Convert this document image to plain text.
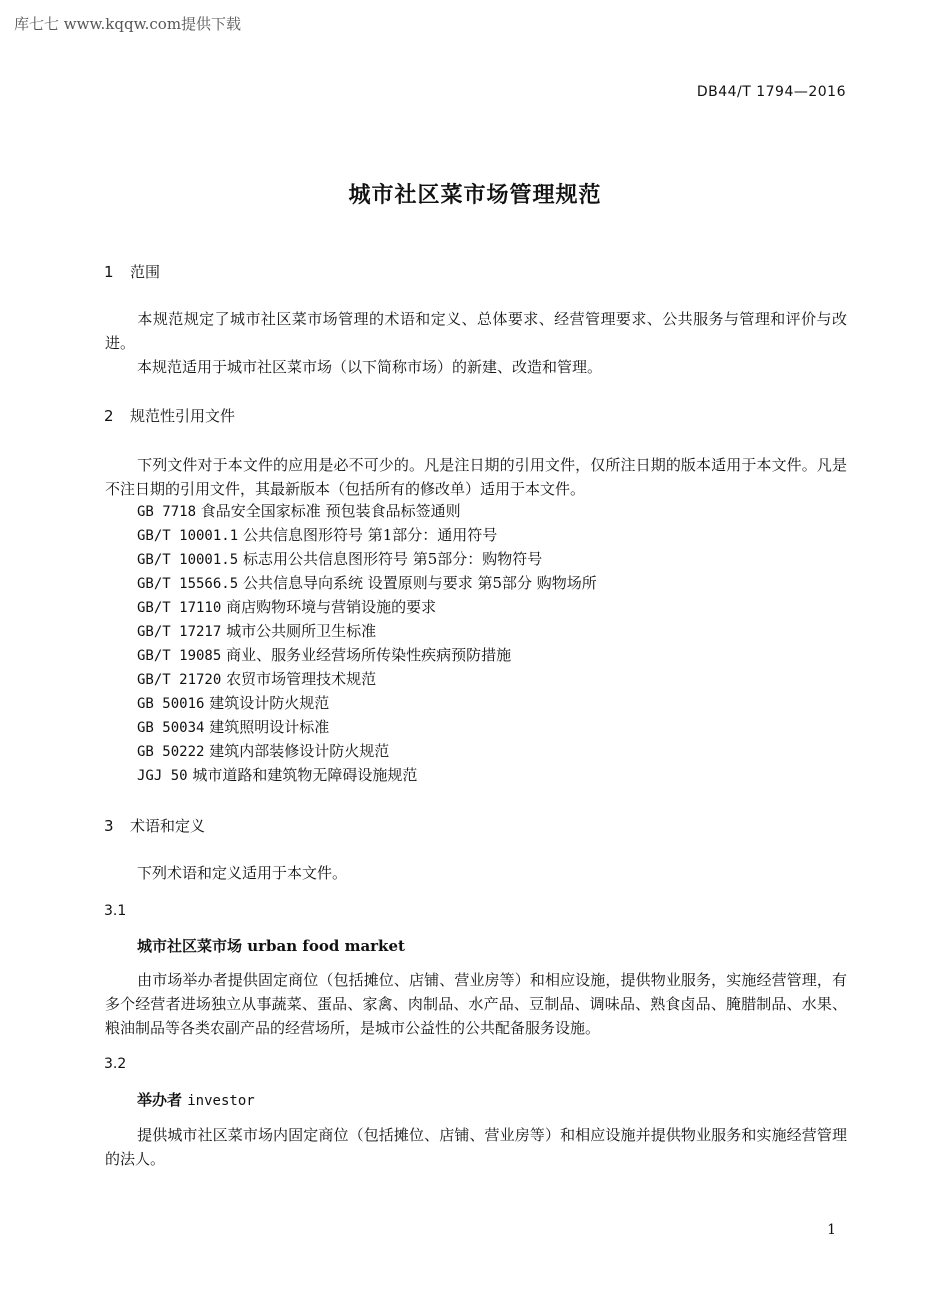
库七七 www.kqqw.com提供下载
DB44/T 1794—2016
城市社区菜市场管理规范
1 范围
本规范规定了城市社区菜市场管理的术语和定义、总体要求、经营管理要求、公共服务与管理和评价与改进。
本规范适用于城市社区菜市场（以下简称市场）的新建、改造和管理。
2 规范性引用文件
下列文件对于本文件的应用是必不可少的。凡是注日期的引用文件，仅所注日期的版本适用于本文件。凡是不注日期的引用文件，其最新版本（包括所有的修改单）适用于本文件。
GB 7718 食品安全国家标准 预包装食品标签通则
GB/T 10001.1 公共信息图形符号 第1部分：通用符号
GB/T 10001.5 标志用公共信息图形符号 第5部分：购物符号
GB/T 15566.5 公共信息导向系统 设置原则与要求 第5部分 购物场所
GB/T 17110 商店购物环境与营销设施的要求
GB/T 17217 城市公共厕所卫生标准
GB/T 19085 商业、服务业经营场所传染性疾病预防措施
GB/T 21720 农贸市场管理技术规范
GB 50016 建筑设计防火规范
GB 50034 建筑照明设计标准
GB 50222 建筑内部装修设计防火规范
JGJ 50 城市道路和建筑物无障碍设施规范
3 术语和定义
下列术语和定义适用于本文件。
3.1
城市社区菜市场 urban food market
由市场举办者提供固定商位（包括摊位、店铺、营业房等）和相应设施，提供物业服务，实施经营管理，有多个经营者进场独立从事蔬菜、蛋品、家禽、肉制品、水产品、豆制品、调味品、熟食卤品、腌腊制品、水果、粮油制品等各类农副产品的经营场所，是城市公益性的公共配备服务设施。
3.2
举办者 investor
提供城市社区菜市场内固定商位（包括摊位、店铺、营业房等）和相应设施并提供物业服务和实施经营管理的法人。
1
